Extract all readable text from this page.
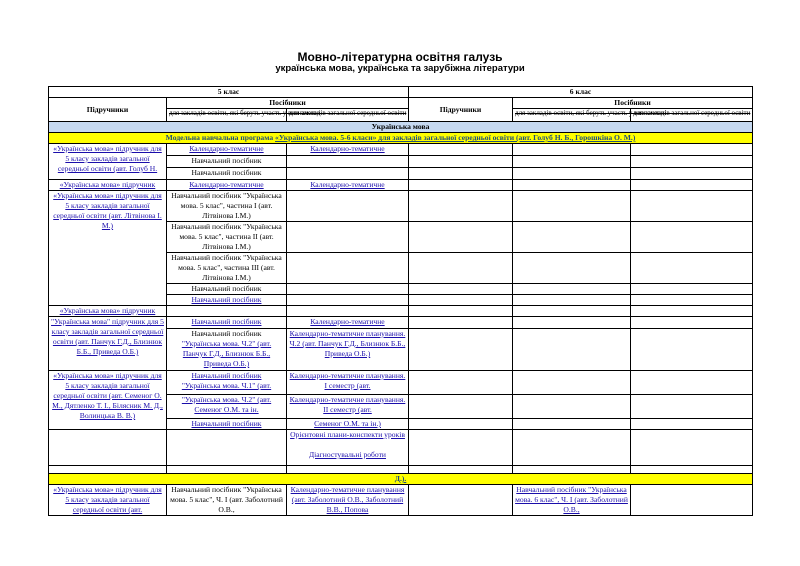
Мовно-літературна освітня галузь
українська мова, українська та зарубіжна літератури
5 клас			6 клас		
Підручники	Посібники		Підручники	Посібники	
	для закладів освіти, які беруть участь у визначенні	для закладів загальної середньої освіти		для закладів освіти, які беруть участь у визначенні	для закладів загальної середньої освіти
Українська мова					
Модельна навчальна програма «Українська мова. 5-6 класи» для закладів загальної середньої освіти (авт. Голуб Н. Б., Горошкіна О. М.)					
«Українська мова» підручник для 5 класу закладів загальної середньої освіти (авт. Голуб Н.	Календарно-тематичне	Календарно-тематичне			
	Навчальний посібник				
	Навчальний посібник				
«Українська мова» підручник	Календарно-тематичне	Календарно-тематичне			
«Українська мова» підручник для 5 класу закладів загальної середньої освіти (авт. Літвінова І. М.)	Навчальний посібник "Українська мова. 5 клас", частина І (авт. Літвінова І.М.)				
	Навчальний посібник "Українська мова. 5 клас", частина ІІ (авт. Літвінова І.М.)				
	Навчальний посібник "Українська мова. 5 клас", частина ІІІ (авт. Літвінова І.М.)				
	Навчальний посібник				
	Навчальний посібник				
«Українська мова» підручник					
"Українська мова" підручник для 5 класу закладів загальної середньої освіти (авт. Панчук Г.Д., Близнюк Б.Б., Приведа О.Б.)	Навчальний посібник	Календарно-тематичне			
	Навчальний посібник
"Українська мова. Ч.2" (авт. Панчук Г.Д., Близнюк Б.Б., Приведа О.Б.)	Календарно-тематичне планування. Ч.2 (авт. Панчук Г.Д., Близнюк Б.Б., Приведа О.Б.)			
«Українська мова» підручник для 5 класу закладів загальної середньої освіти (авт. Семеног О. М., Дятленко Т. І., Білясник М. Д., Волинцька В. В.)	Навчальний посібник
"Українська мова. Ч.1" (авт.	Календарно-тематичне планування. І семестр (авт.			
	"Українська мова. Ч.2" (авт. Семеног О.М. та ін.	Календарно-тематичне планування. ІІ семестр (авт.			
	Навчальний посібник	Семеног О.М. та ін.)			
		Орієнтовні плани-конспекти уроків

Діагностувальні роботи			

Д.).					
«Українська мова» підручник для 5 класу закладів загальної середньої освіти (авт.	Навчальний посібник "Українська мова. 5 клас", Ч. І (авт. Заболотний О.В.,	Календарно-тематичне планування (авт. Заболотний О.В., Заболотний В.В., Попова		Навчальний посібник "Українська мова. 6 клас", Ч. І (авт. Заболотний О.В.,	
